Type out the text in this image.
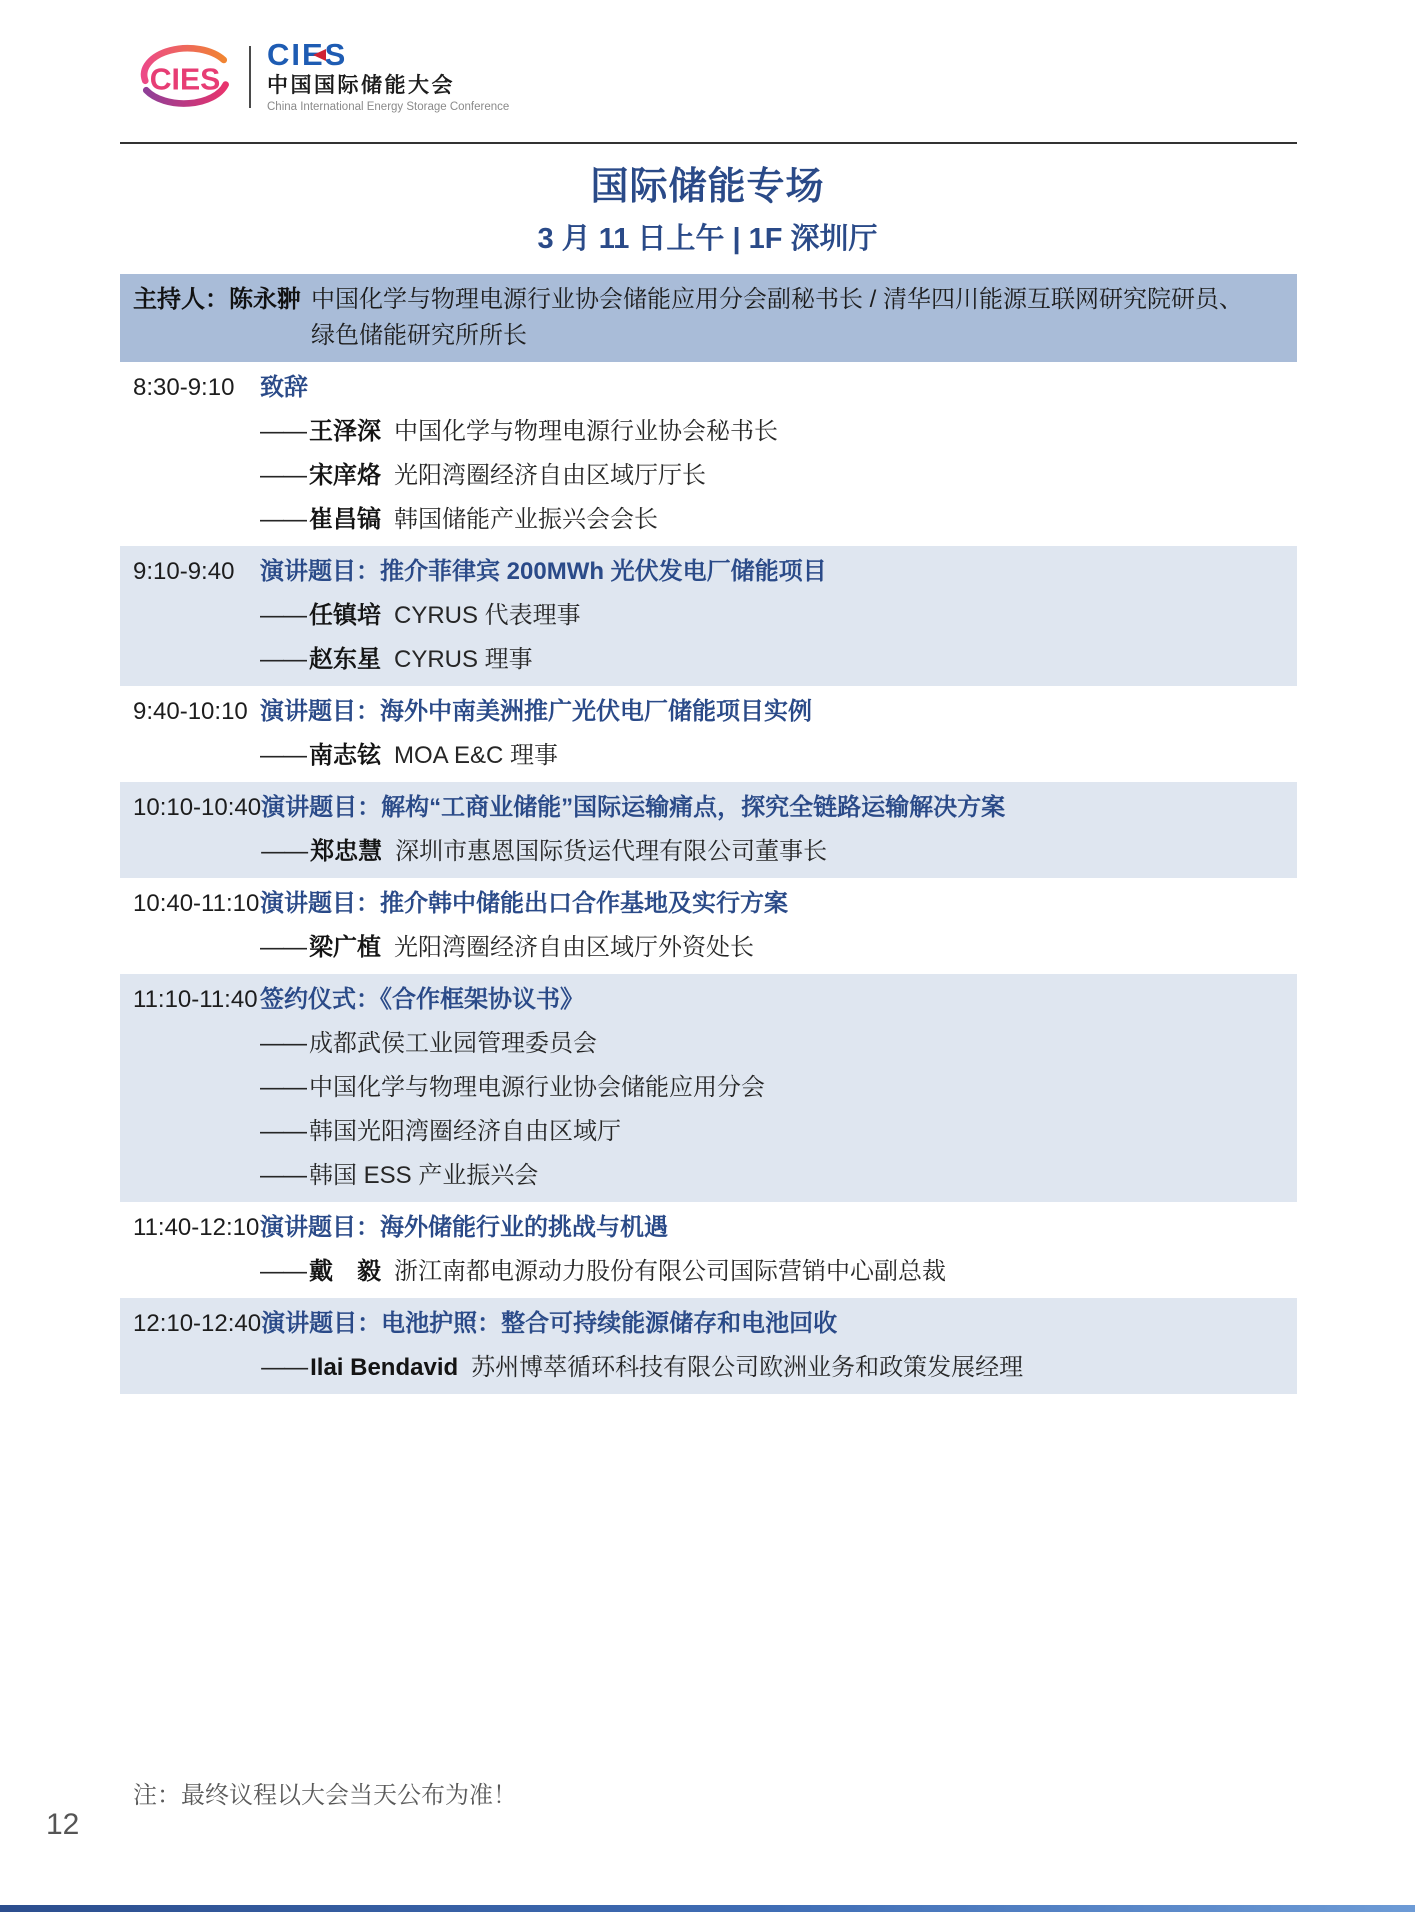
CIES
CIES
中国国际储能大会
China International Energy Storage Conference
国际储能专场
3 月 11 日上午 | 1F 深圳厅
主持人： 陈永翀 中国化学与物理电源行业协会储能应用分会副秘书长 / 清华四川能源互联网研究院研员、
绿色储能研究所所长
8:30-9:10	致辞
—— 王泽深 中国化学与物理电源行业协会秘书长
—— 宋庠烙 光阳湾圈经济自由区域厅厅长
—— 崔昌镐 韩国储能产业振兴会会长
9:10-9:40	演讲题目：推介菲律宾 200MWh 光伏发电厂储能项目
—— 任镇培 CYRUS 代表理事
—— 赵东星 CYRUS 理事
9:40-10:10 演讲题目：海外中南美洲推广光伏电厂储能项目实例
—— 南志铉 MOA E&C 理事
10:10-10:40 演讲题目：解构“工商业储能”国际运输痛点，探究全链路运输解决方案
—— 郑忠慧 深圳市惠恩国际货运代理有限公司董事长
10:40-11:10 演讲题目：推介韩中储能出口合作基地及实行方案
—— 梁广植 光阳湾圈经济自由区域厅外资处长
11:10-11:40 签约仪式：《合作框架协议书》
—— 成都武侯工业园管理委员会
—— 中国化学与物理电源行业协会储能应用分会
—— 韩国光阳湾圈经济自由区域厅
—— 韩国 ESS 产业振兴会
11:40-12:10 演讲题目：海外储能行业的挑战与机遇
—— 戴　毅 浙江南都电源动力股份有限公司国际营销中心副总裁
12:10-12:40 演讲题目：电池护照：整合可持续能源储存和电池回收
—— Ilai Bendavid 苏州博萃循环科技有限公司欧洲业务和政策发展经理
注：最终议程以大会当天公布为准！
12
